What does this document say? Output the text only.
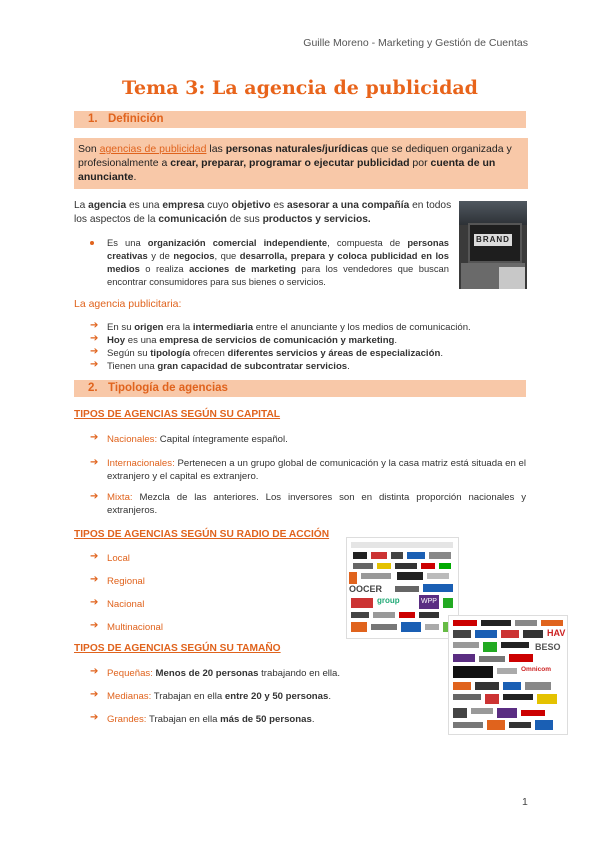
Guille Moreno - Marketing y Gestión de Cuentas
Tema 3: La agencia de publicidad
1. Definición
Son agencias de publicidad las personas naturales/jurídicas que se dediquen organizada y profesionalmente a crear, preparar, programar o ejecutar publicidad por cuenta de un anunciante.
La agencia es una empresa cuyo objetivo es asesorar a una compañía en todos los aspectos de la comunicación de sus productos y servicios.
Es una organización comercial independiente, compuesta de personas creativas y de negocios, que desarrolla, prepara y coloca publicidad en los medios o realiza acciones de marketing para los vendedores que buscan encontrar consumidores para sus bienes o servicios.
BRAND
La agencia publicitaria:
➔ En su origen era la intermediaria entre el anunciante y los medios de comunicación.
➔ Hoy es una empresa de servicios de comunicación y marketing.
➔ Según su tipología ofrecen diferentes servicios y áreas de especialización.
➔ Tienen una gran capacidad de subcontratar servicios.
2. Tipología de agencias
TIPOS DE AGENCIAS SEGÚN SU CAPITAL
➔ Nacionales: Capital íntegramente español.
➔ Internacionales: Pertenecen a un grupo global de comunicación y la casa matriz está situada en el extranjero y el capital es extranjero.
➔ Mixta: Mezcla de las anteriores. Los inversores son en distinta proporción nacionales y extranjeros.
TIPOS DE AGENCIAS SEGÚN SU RADIO DE ACCIÓN
➔ Local
➔ Regional
➔ Nacional
➔ Multinacional
TIPOS DE AGENCIAS SEGÚN SU TAMAÑO
➔ Pequeñas: Menos de 20 personas trabajando en ella.
➔ Medianas: Trabajan en ella entre 20 y 50 personas.
➔ Grandes: Trabajan en ella más de 50 personas.
OOCER
group	WPP
HAV
BESO
Omnicom
1
